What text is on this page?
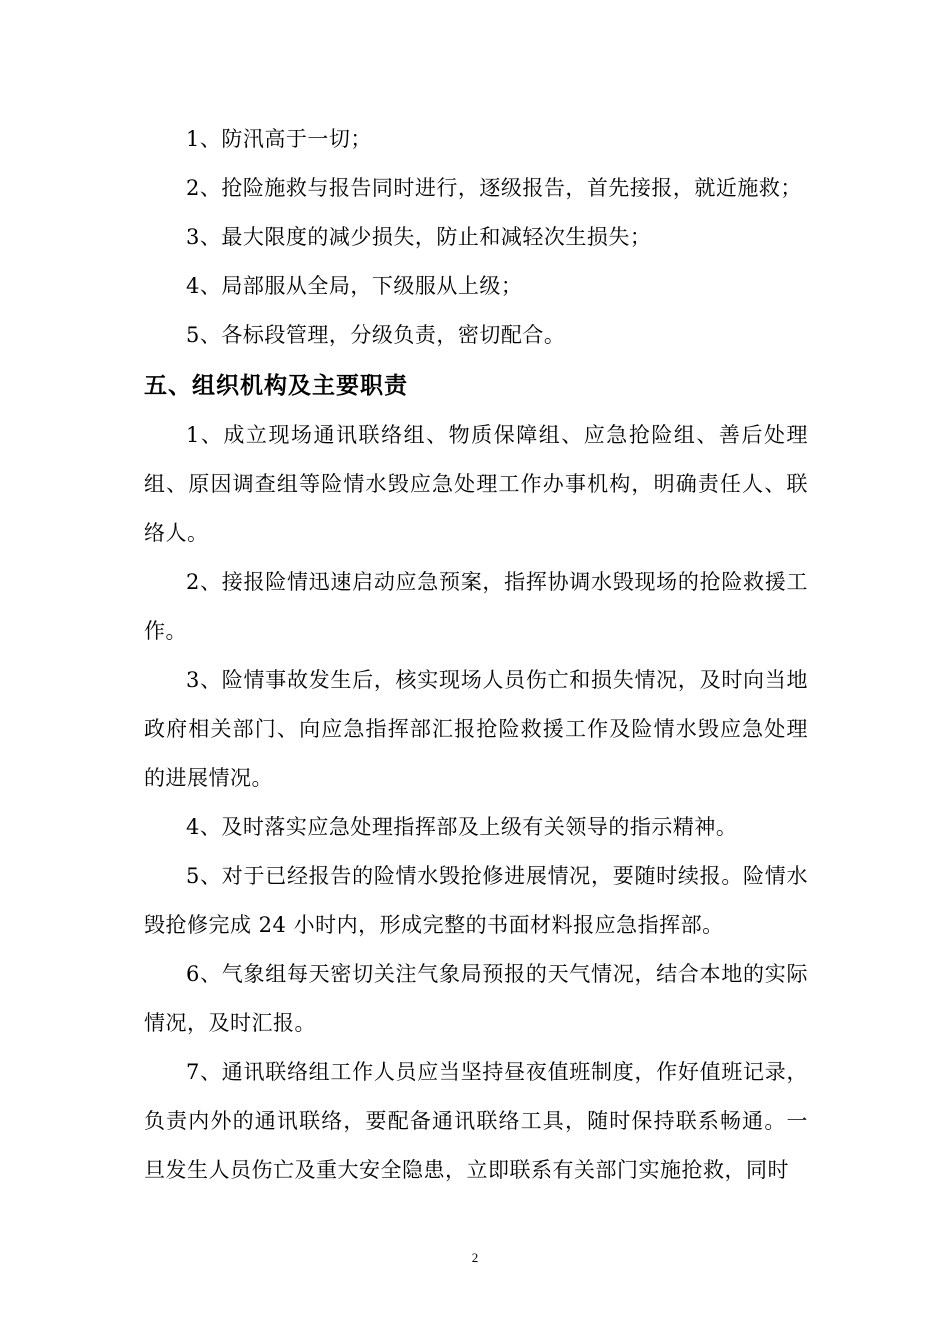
1、防汛高于一切；

2、抢险施救与报告同时进行，逐级报告，首先接报，就近施救；

3、最大限度的减少损失，防止和减轻次生损失；

4、局部服从全局，下级服从上级；

5、各标段管理，分级负责，密切配合。

五、组织机构及主要职责

1、成立现场通讯联络组、物质保障组、应急抢险组、善后处理组、原因调查组等险情水毁应急处理工作办事机构，明确责任人、联络人。

2、接报险情迅速启动应急预案，指挥协调水毁现场的抢险救援工作。

3、险情事故发生后，核实现场人员伤亡和损失情况，及时向当地政府相关部门、向应急指挥部汇报抢险救援工作及险情水毁应急处理的进展情况。

4、及时落实应急处理指挥部及上级有关领导的指示精神。

5、对于已经报告的险情水毁抢修进展情况，要随时续报。险情水毁抢修完成 24 小时内，形成完整的书面材料报应急指挥部。

6、气象组每天密切关注气象局预报的天气情况，结合本地的实际情况，及时汇报。

7、通讯联络组工作人员应当坚持昼夜值班制度，作好值班记录，负责内外的通讯联络，要配备通讯联络工具，随时保持联系畅通。一旦发生人员伤亡及重大安全隐患，立即联系有关部门实施抢救，同时

2
